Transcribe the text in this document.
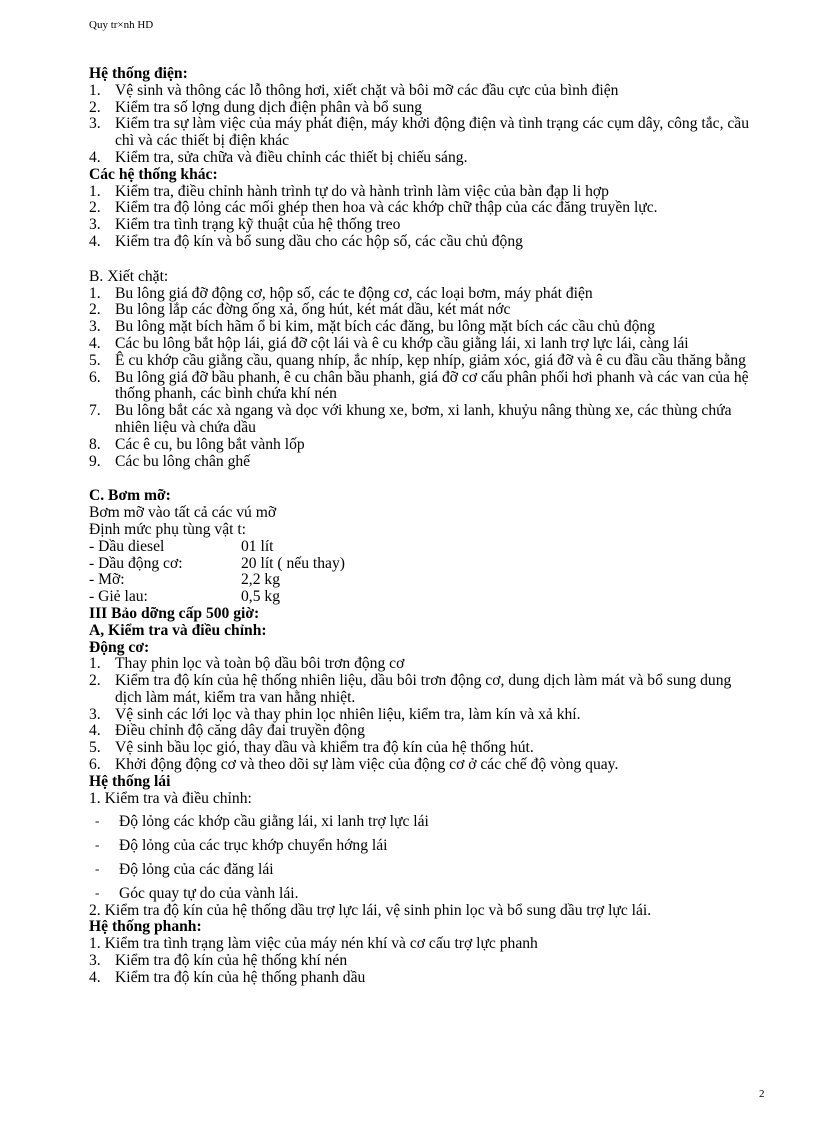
Quy tr×nh HD
Hệ thống điện:
1. Vệ sinh và thông các lỗ thông hơi, xiết chặt và bôi mỡ các đầu cực của bình điện
2. Kiểm tra số lợng dung dịch điện phân và bổ sung
3. Kiểm tra sự làm việc của máy phát điện, máy khởi động điện và tình trạng các cụm dây, công tắc, cầu chì và các thiết bị điện khác
4. Kiểm tra, sửa chữa và điều chỉnh các thiết bị chiếu sáng.
Các hệ thống khác:
1. Kiểm tra, điều chỉnh hành trình tự do và hành trình làm việc của bàn đạp li hợp
2. Kiểm tra độ lỏng các mối ghép then hoa và các khớp chữ thập của các đăng truyền lực.
3. Kiểm tra tình trạng kỹ thuật của hệ thống treo
4. Kiểm tra độ kín và bổ sung dầu cho các hộp số, các cầu chủ động
B. Xiết chặt:
1. Bu lông giá đỡ động cơ, hộp số, các te động cơ, các loại bơm, máy phát điện
2. Bu lông lắp các đờng ống xả, ống hút, két mát dầu, két mát nớc
3. Bu lông mặt bích hãm ổ bi kim, mặt bích các đăng, bu lông mặt bích các cầu chủ động
4. Các bu lông bắt hộp lái, giá đỡ cột lái và ê cu khớp cầu giằng lái, xi lanh trợ lực lái, càng lái
5. Ê cu khớp cầu giằng cầu, quang nhíp, ắc nhíp, kẹp nhíp, giảm xóc, giá đỡ và ê cu đầu cầu thăng bằng
6. Bu lông giá đỡ bầu phanh, ê cu chân bầu phanh, giá đỡ cơ cấu phân phối hơi phanh và các van của hệ thống phanh, các bình chứa khí nén
7. Bu lông bắt các xà ngang và dọc với khung xe, bơm, xi lanh, khuỷu nâng thùng xe, các thùng chứa nhiên liệu và chứa dầu
8. Các ê cu, bu lông bắt vành lốp
9. Các bu lông chân ghế
C. Bơm mỡ:
Bơm mỡ vào tất cả các vú mỡ
Định mức phụ tùng vật t:
- Dầu diesel	01 lít
- Dầu động cơ:	20 lít ( nếu thay)
- Mỡ:	2,2 kg
- Giẻ lau:	0,5 kg
III Bảo dỡng cấp 500 giờ:
A, Kiểm tra và điều chỉnh:
Động cơ:
1. Thay phin lọc và toàn bộ dầu bôi trơn động cơ
2. Kiểm tra độ kín của hệ thống nhiên liệu, dầu bôi trơn động cơ, dung dịch làm mát và bổ sung dung dịch làm mát, kiểm tra van hằng nhiệt.
3. Vệ sinh các lới lọc và thay phin lọc nhiên liệu, kiểm tra, làm kín và xả khí.
4. Điều chỉnh độ căng dây đai truyền động
5. Vệ sinh bầu lọc gió, thay dầu và khiểm tra độ kín của hệ thống hút.
6. Khởi động động cơ và theo dõi sự làm việc của động cơ ở các chế độ vòng quay.
Hệ thống lái
1. Kiểm tra và điều chỉnh:
-	Độ lỏng các khớp cầu giằng lái, xi lanh trợ lực lái
-	Độ lỏng của các trục khớp chuyển hớng lái
-	Độ lỏng của các đăng lái
-	Góc quay tự do của vành lái.
2. Kiểm tra độ kín của hệ thống dầu trợ lực lái, vệ sinh phin lọc và bổ sung dầu trợ lực lái.
Hệ thống phanh:
1. Kiểm tra tình trạng làm việc của máy nén khí và cơ cấu trợ lực phanh
3. Kiểm tra độ kín của hệ thống khí nén
4. Kiểm tra độ kín của hệ thống phanh dầu
2
